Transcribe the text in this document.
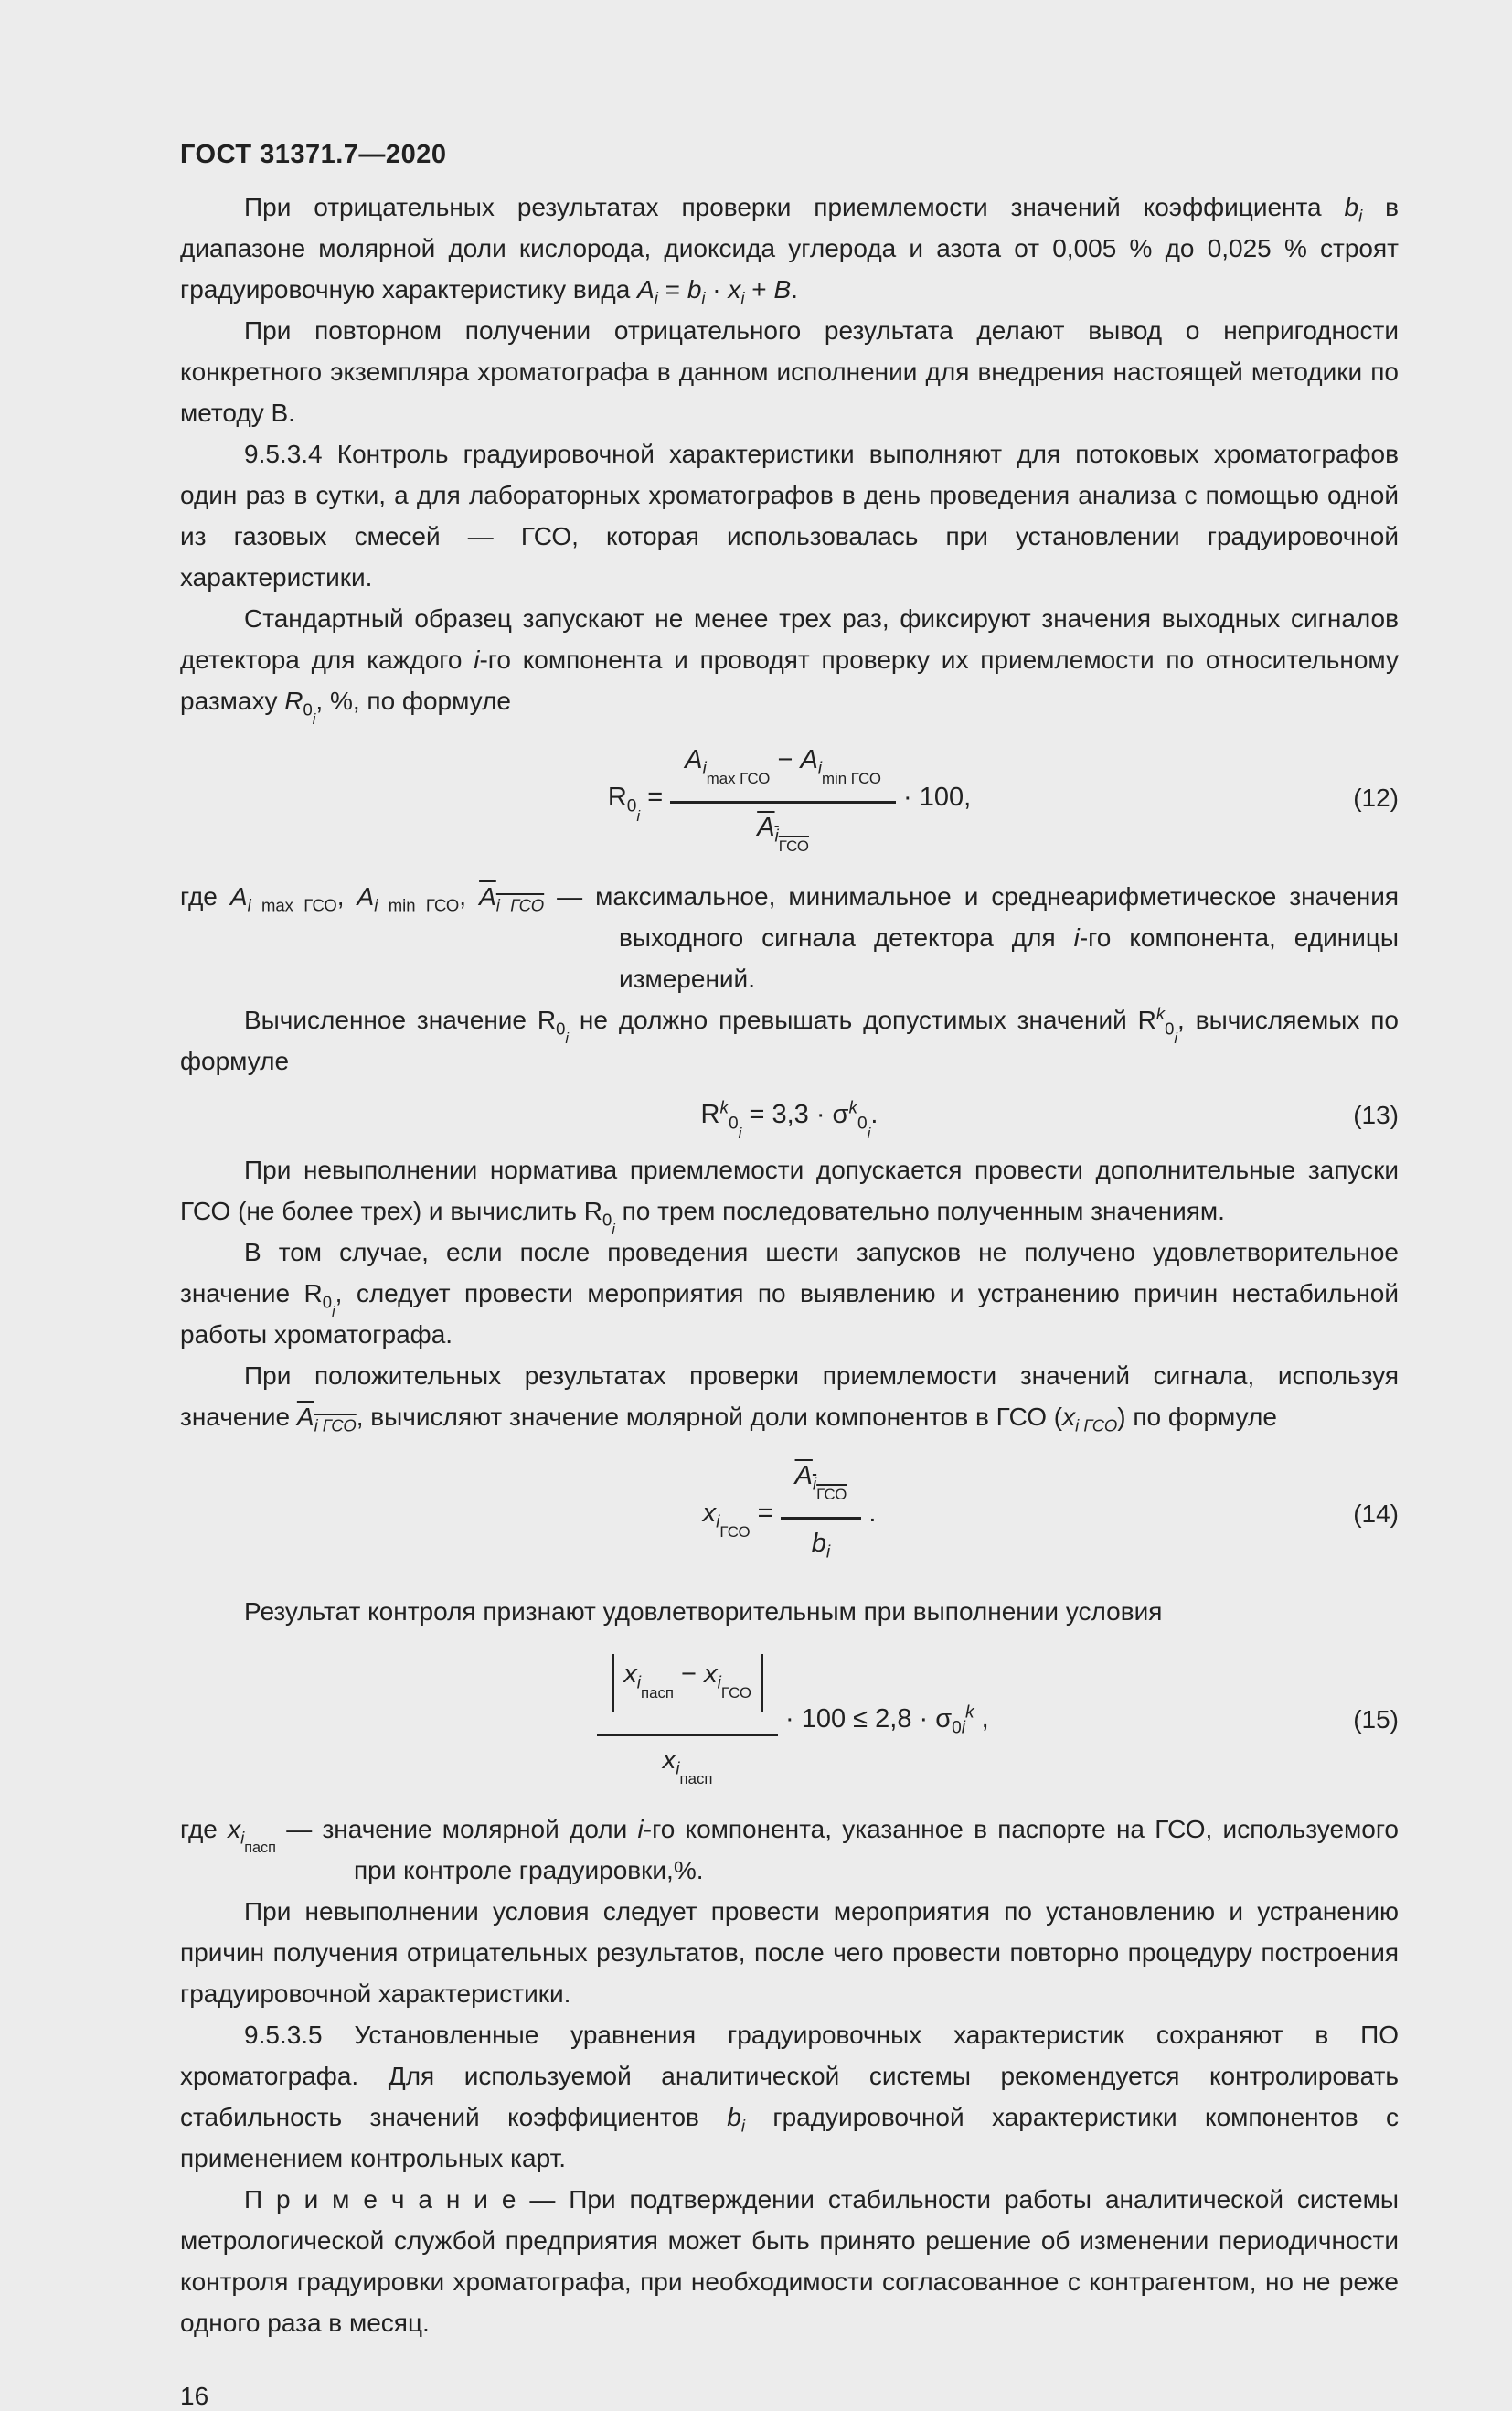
ГОСТ 31371.7—2020

При отрицательных результатах проверки приемлемости значений коэффициента $b_i$ в диапазоне молярной доли кислорода, диоксида углерода и азота от 0,005 % до 0,025 % строят градуировочную характеристику вида $A_i = b_i \cdot x_i + B$.

При повторном получении отрицательного результата делают вывод о непригодности конкретного экземпляра хроматографа в данном исполнении для внедрения настоящей методики по методу В.

9.5.3.4 Контроль градуировочной характеристики выполняют для потоковых хроматографов один раз в сутки, а для лабораторных хроматографов в день проведения анализа с помощью одной из газовых смесей — ГСО, которая использовалась при установлении градуировочной характеристики.

Стандартный образец запускают не менее трех раз, фиксируют значения выходных сигналов детектора для каждого i-го компонента и проводят проверку их приемлемости по относительному размаху $R_{0i}$, %, по формуле

$R_{0i} = \frac{A_{imax ГСО} - A_{imin ГСО}}{A_{iГСО}} \cdot 100$,	(12)

где $A_i$ $_{max ГСО}$, $A_i$ $_{min ГСО}$, $A_{i ГСО}$ — максимальное, минимальное и среднеарифметическое значения выходного сигнала детектора для i-го компонента, единицы измерений.

Вычисленное значение $R_{0i}$ не должно превышать допустимых значений $R^k_{0i}$, вычисляемых по формуле

$R^k_{0i} = 3,3 \cdot \sigma^k_{0i}$.	(13)

При невыполнении норматива приемлемости допускается провести дополнительные запуски ГСО (не более трех) и вычислить $R_{0i}$ по трем последовательно полученным значениям.

В том случае, если после проведения шести запусков не получено удовлетворительное значение $R_{0i}$, следует провести мероприятия по выявлению и устранению причин нестабильной работы хроматографа.

При положительных результатах проверки приемлемости значений сигнала, используя значение $A_{i ГСО}$, вычисляют значение молярной доли компонентов в ГСО $(x_{i ГСО})$ по формуле

$x_{iГСО} = \frac{A_{iГСО}}{b_i}$ .	(14)

Результат контроля признают удовлетворительным при выполнении условия

$\frac{x_{iпасп} - x_{iГСО}}{x_{iпасп}} \cdot 100 \le 2,8 \cdot \sigma_{0i}^k$ ,	(15)

где $x_{iпасп}$ — значение молярной доли i-го компонента, указанное в паспорте на ГСО, используемого при контроле градуировки,%.

При невыполнении условия следует провести мероприятия по установлению и устранению причин получения отрицательных результатов, после чего провести повторно процедуру построения градуировочной характеристики.

9.5.3.5 Установленные уравнения градуировочных характеристик сохраняют в ПО хроматографа. Для используемой аналитической системы рекомендуется контролировать стабильность значений коэффициентов $b_i$ градуировочной характеристики компонентов с применением контрольных карт.

П р и м е ч а н и е — При подтверждении стабильности работы аналитической системы метрологической службой предприятия может быть принято решение об изменении периодичности контроля градуировки хроматографа, при необходимости согласованное с контрагентом, но не реже одного раза в месяц.

16
